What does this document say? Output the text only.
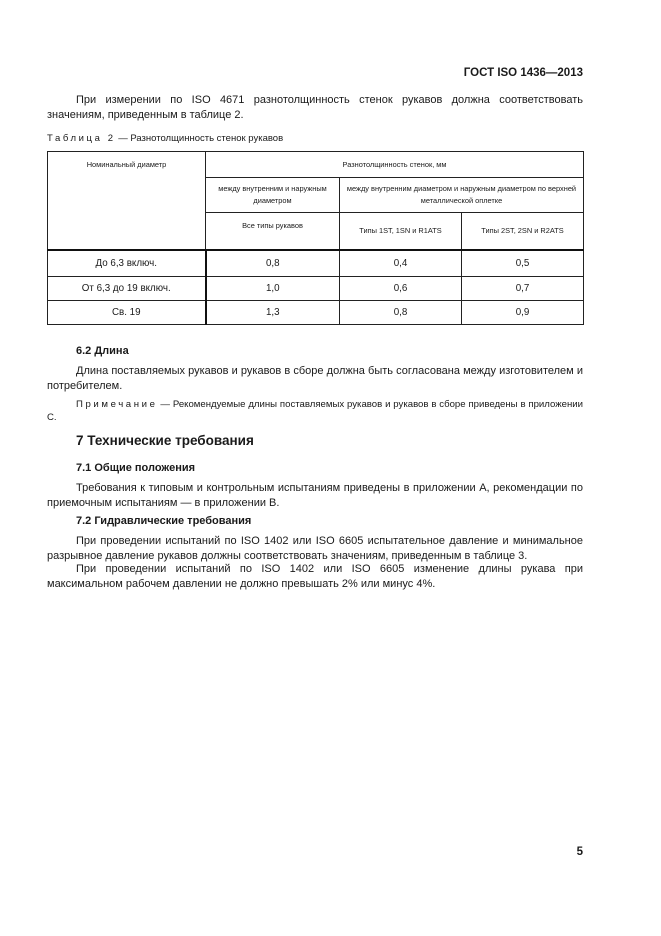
ГОСТ ISO 1436—2013
При измерении по ISO 4671 разнотолщинность стенок рукавов должна соответствовать значениям, приведенным в таблице 2.
Таблица 2 — Разнотолщинность стенок рукавов
Номинальный диаметр	Разнотолщинность стенок, мм		
	между внутренним и наружным диаметром	между внутренним диаметром и наружным диаметром по верхней металлической оплетке	
	Все типы рукавов	Типы 1ST, 1SN и R1ATS	Типы 2ST, 2SN и R2ATS
До 6,3 включ.	0,8	0,4	0,5
От 6,3 до 19 включ.	1,0	0,6	0,7
Св. 19	1,3	0,8	0,9
6.2 Длина
Длина поставляемых рукавов и рукавов в сборе должна быть согласована между изготовителем и потребителем.
Примечание — Рекомендуемые длины поставляемых рукавов и рукавов в сборе приведены в приложении С.
7 Технические требования
7.1 Общие положения
Требования к типовым и контрольным испытаниям приведены в приложении А, рекомендации по приемочным испытаниям — в приложении В.
7.2 Гидравлические требования
При проведении испытаний по ISO 1402 или ISO 6605 испытательное давление и минимальное разрывное давление рукавов должны соответствовать значениям, приведенным в таблице 3.
При проведении испытаний по ISO 1402 или ISO 6605 изменение длины рукава при максимальном рабочем давлении не должно превышать 2% или минус 4%.
5
